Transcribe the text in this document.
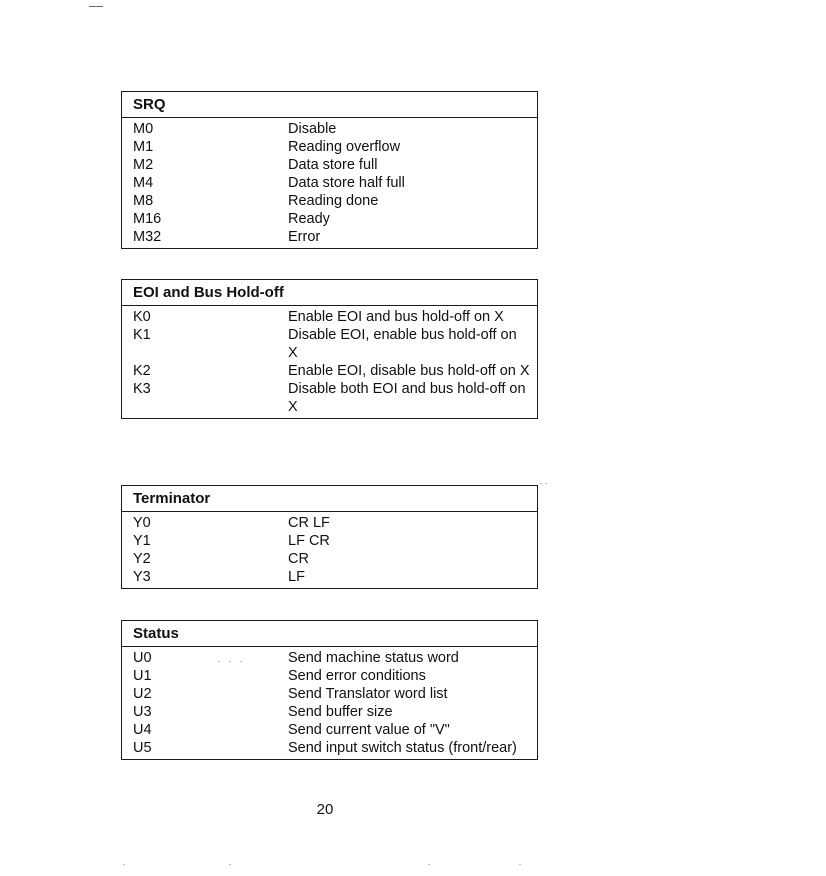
SRQ
M0	Disable
M1	Reading overflow
M2	Data store full
M4	Data store half full
M8	Reading done
M16	Ready
M32	Error
EOI and Bus Hold-off
K0	Enable EOI and bus hold-off on X
K1	Disable EOI, enable bus hold-off on X
K2	Enable EOI, disable bus hold-off on X
K3	Disable both EOI and bus hold-off on X
Terminator
Y0	CR LF
Y1	LF CR
Y2	CR
Y3	LF
Status
U0	Send machine status word
U1	Send error conditions
U2	Send Translator word list
U3	Send buffer size
U4	Send current value of "V"
U5	Send input switch status (front/rear)
20
